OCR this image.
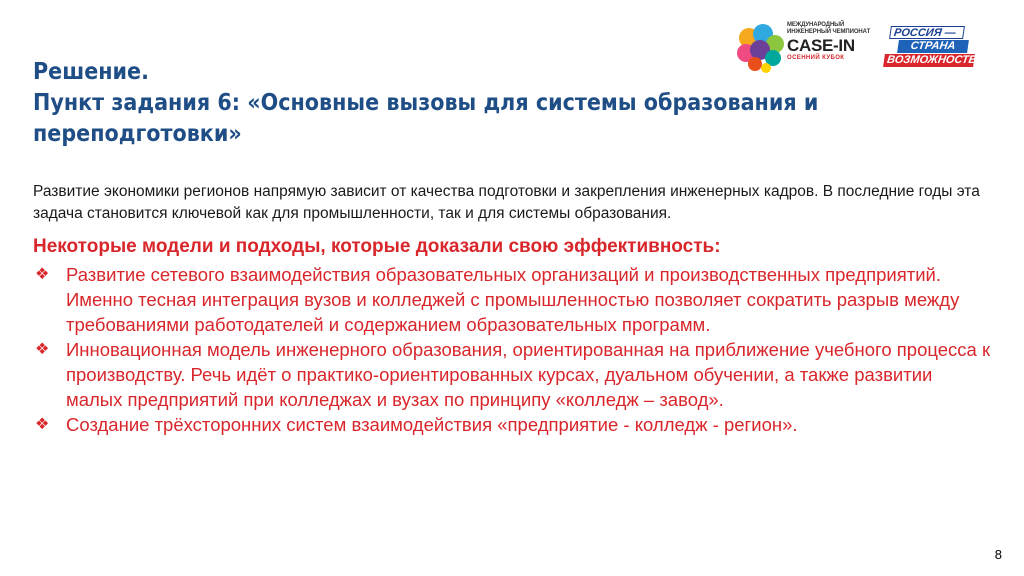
МЕЖДУНАРОДНЫЙ
ИНЖЕНЕРНЫЙ ЧЕМПИОНАТ
CASE-IN
ОСЕННИЙ КУБОК
РОССИЯ —
СТРАНА
ВОЗМОЖНОСТЕЙ
Решение.
Пункт задания 6: «Основные вызовы для системы образования и
переподготовки»
Развитие экономики регионов напрямую зависит от качества подготовки и закрепления инженерных кадров. В последние годы эта задача становится ключевой как для промышленности, так и для системы образования.
Некоторые модели и подходы, которые доказали свою эффективность:
❖ Развитие сетевого взаимодействия образовательных организаций и производственных предприятий. Именно тесная интеграция вузов и колледжей с промышленностью позволяет сократить разрыв между требованиями работодателей и содержанием образовательных программ.
❖ Инновационная модель инженерного образования, ориентированная на приближение учебного процесса к производству. Речь идёт о практико-ориентированных курсах, дуальном обучении, а также развитии малых предприятий при колледжах и вузах по принципу «колледж – завод».
❖ Создание трёхсторонних систем взаимодействия «предприятие - колледж - регион».
8
